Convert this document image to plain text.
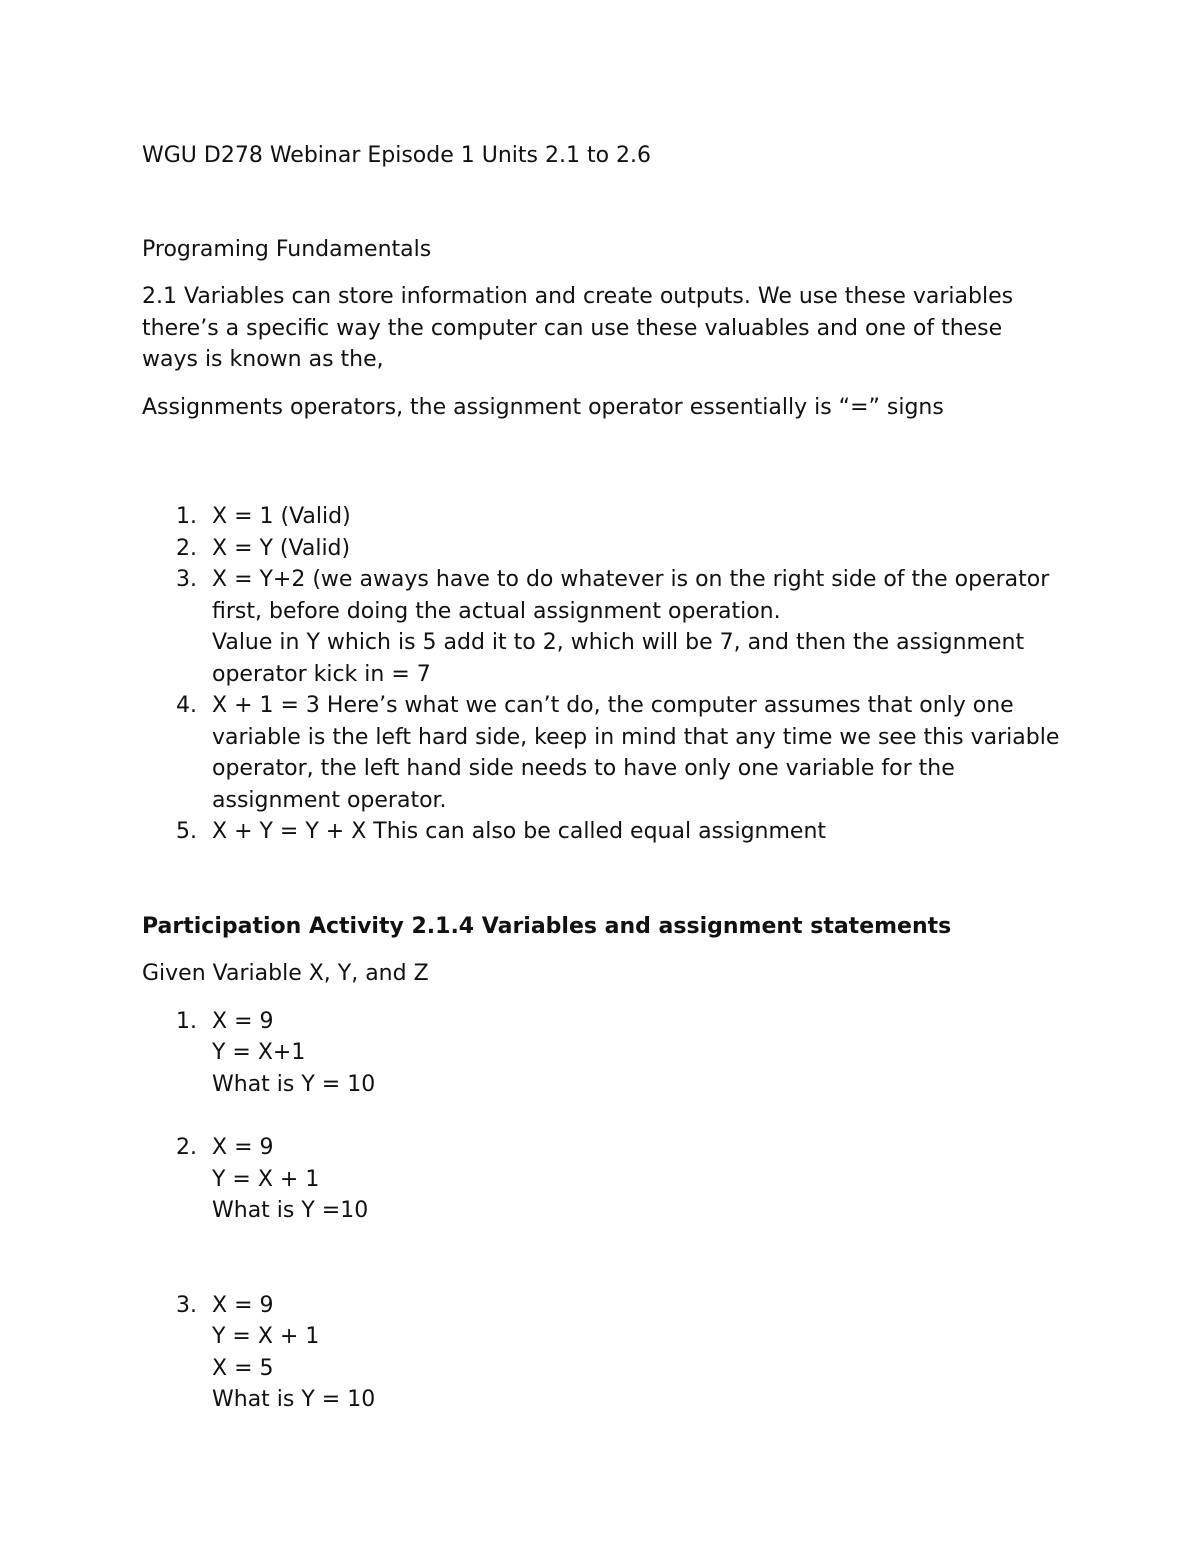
WGU D278 Webinar Episode 1 Units 2.1 to 2.6

Programing Fundamentals

2.1 Variables can store information and create outputs. We use these variables there’s a specific way the computer can use these valuables and one of these ways is known as the,

Assignments operators, the assignment operator essentially is “=” signs

1. X = 1 (Valid)
2. X = Y (Valid)
3. X = Y+2 (we aways have to do whatever is on the right side of the operator first, before doing the actual assignment operation.
Value in Y which is 5 add it to 2, which will be 7, and then the assignment operator kick in = 7
4. X + 1 = 3 Here’s what we can’t do, the computer assumes that only one variable is the left hard side, keep in mind that any time we see this variable operator, the left hand side needs to have only one variable for the assignment operator.
5. X + Y = Y + X This can also be called equal assignment

Participation Activity 2.1.4 Variables and assignment statements

Given Variable X, Y, and Z

1. X = 9
Y = X+1
What is Y = 10
2. X = 9
Y = X + 1
What is Y =10
3. X = 9
Y = X + 1
X = 5
What is Y = 10
